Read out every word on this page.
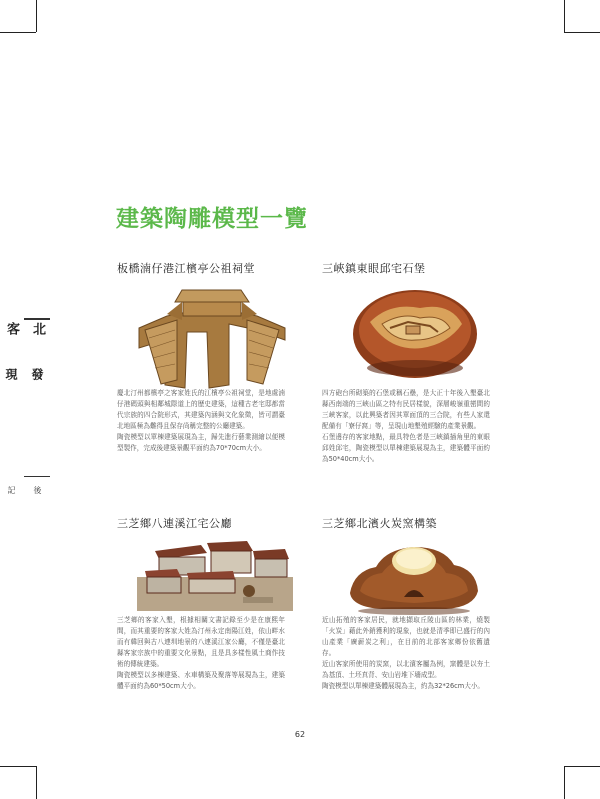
北客
發現
後記
建築陶雕模型一覽
板橋湳仔港江檳亭公祖祠堂

慶北汀州都檳亭之客家姓氏的江檳亭公祖祠堂，是地處湳仔港碼頭與相鄰城際道上的歷史建築，這種古老宅邸都當代宗族的四合院形式，其建築內涵與文化象徵，皆可謂臺北地區極為難得且保存尚稱完整的公廳建築。
陶瓷模型以單棟建築展現為主，歸先進行藝業測繪以便模型製作，完成後建築景觀平面約為70*70cm大小。

三峽鎮東眼邱宅石堡

四方砲台所砌築的石堡或稱石壘，是大正十年後入墾臺北縣西南端的三峽山區之特有民居樣貌，深層峻嶺重巒間的三峽客家，以此興築者因其單面頂的三合院，有些人家還配備有「寮仔窩」等，呈現山地墾殖經驗的產業景觀。
石堡邊存的客家地點，最具特色者是三峽鎮插角里的東眼邱姓邱宅，陶瓷模型以單棟建築展現為主，建築體平面約為50*40cm大小。

三芝鄉八連溪江宅公廳

三芝鄉的客家入墾，根據相關文書記錄至少是在康熙年間，而其重要的客家大姓為汀州永定南陽江姓，依山畔水而有韓回與古八連圳地景的八連溪江家公廳，不僅是臺北縣客家宗族中的重要文化景點，且是具多樣性風土商作技術的傳統建築。
陶瓷模型以多棟建築、水車構築及聚落等展現為主，建築體平面約為60*50cm大小。

三芝鄉北濱火炭窯構築

近山拓殖的客家居民，就地擷取丘陵山區的林業，燒製「火炭」藉此外銷獲利的現象，也就是清季即已盛行的內山產業「廣薪炭之利」，在目前的北部客家鄉份依舊遺存。
近山客家所使用的炭窯，以北濱客屬為例，窯體是以夯土為基頂、土坯真背、安山岩堆下墻成型。
陶瓷模型以單棟建築體展現為主，約為32*26cm大小。

62
